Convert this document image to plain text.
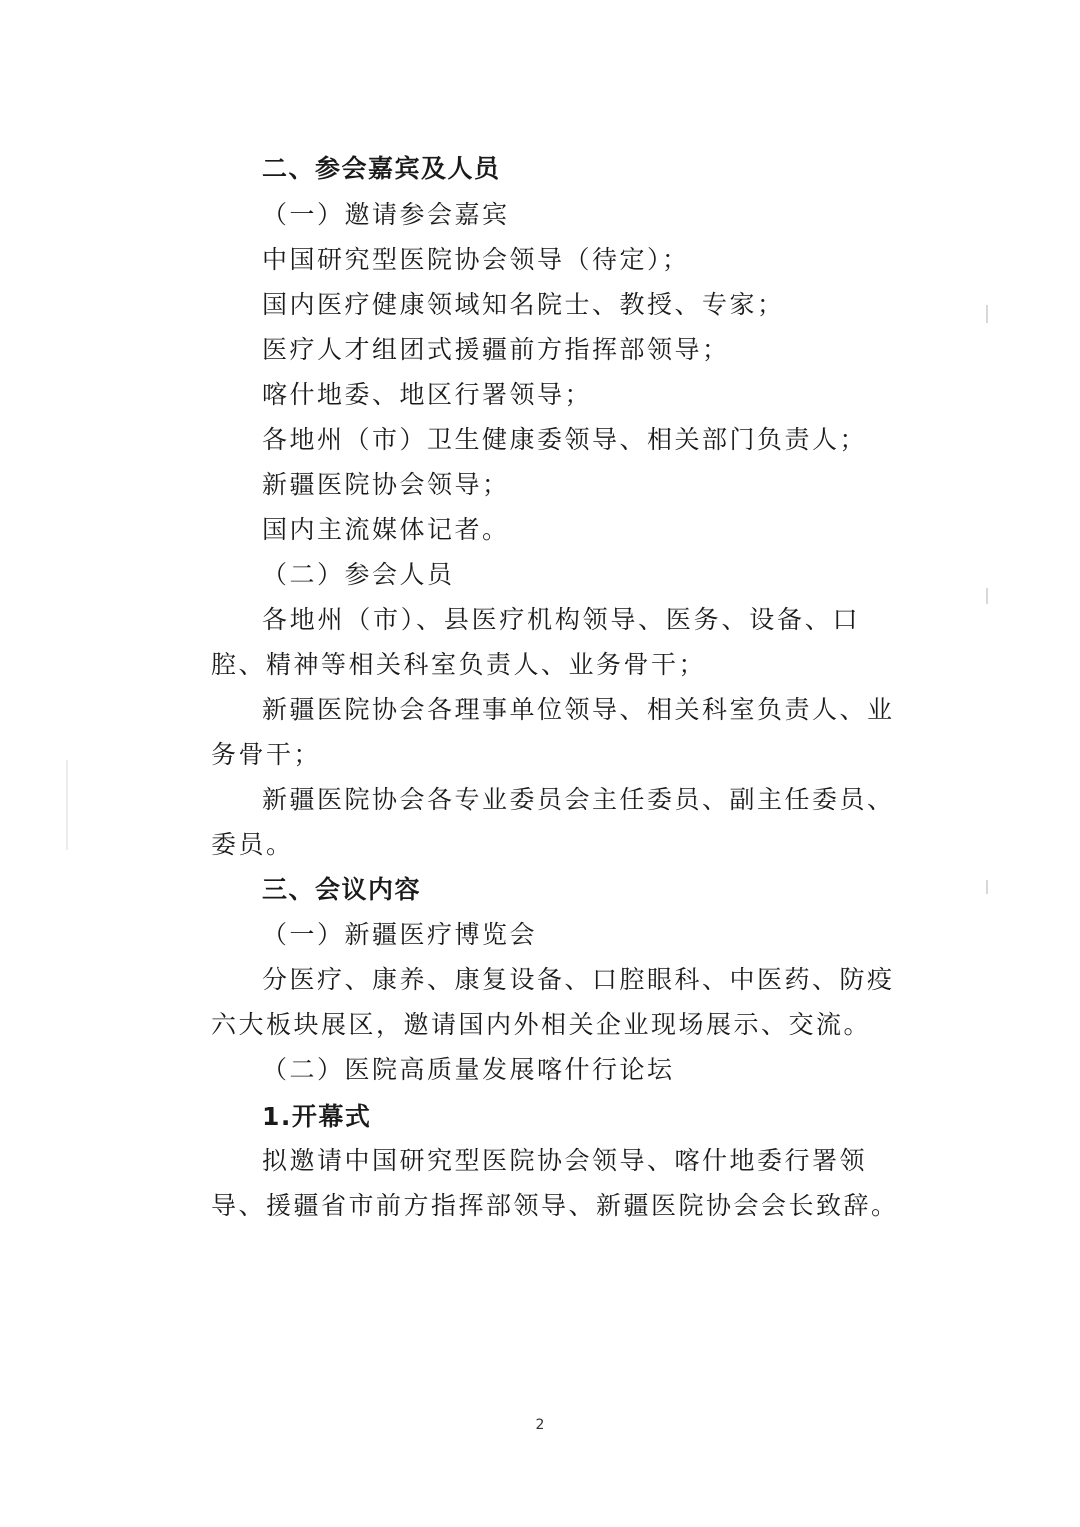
二、参会嘉宾及人员
（一）邀请参会嘉宾
中国研究型医院协会领导（待定）；
国内医疗健康领域知名院士、教授、专家；
医疗人才组团式援疆前方指挥部领导；
喀什地委、地区行署领导；
各地州（市）卫生健康委领导、相关部门负责人；
新疆医院协会领导；
国内主流媒体记者。
（二）参会人员
各地州（市）、县医疗机构领导、医务、设备、口
腔、精神等相关科室负责人、业务骨干；
新疆医院协会各理事单位领导、相关科室负责人、业
务骨干；
新疆医院协会各专业委员会主任委员、副主任委员、
委员。
三、会议内容
（一）新疆医疗博览会
分医疗、康养、康复设备、口腔眼科、中医药、防疫
六大板块展区，邀请国内外相关企业现场展示、交流。
（二）医院高质量发展喀什行论坛
1.开幕式
拟邀请中国研究型医院协会领导、喀什地委行署领
导、援疆省市前方指挥部领导、新疆医院协会会长致辞。
2
